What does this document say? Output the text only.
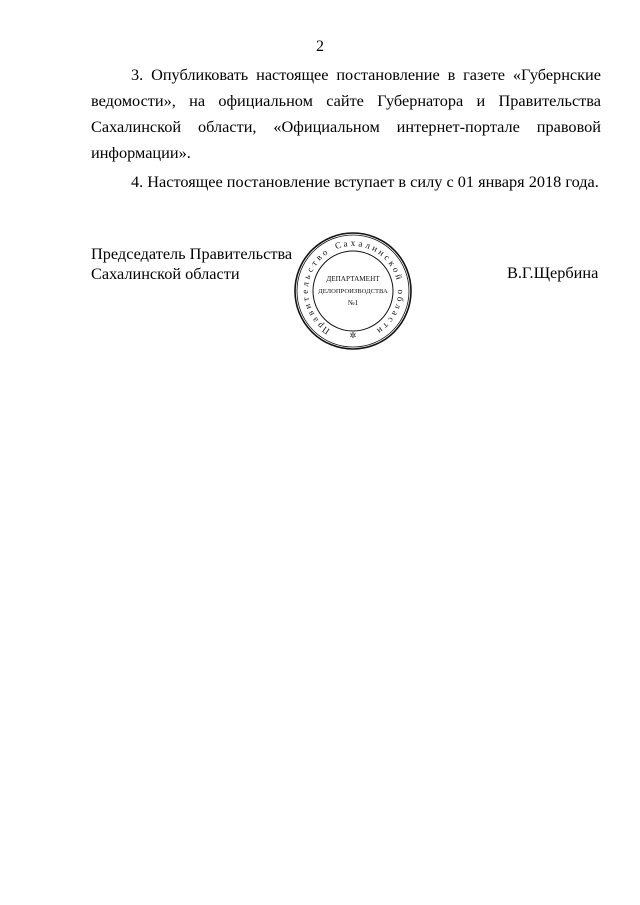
2

3. Опубликовать настоящее постановление в газете «Губернские ведомости», на официальном сайте Губернатора и Правительства Сахалинской области, «Официальном интернет-портале правовой информации».

4. Настоящее постановление вступает в силу с 01 января 2018 года.

Председатель Правительства
Сахалинской области	В.Г.Щербина
П
р
а
в
и
т
е
л
ь
с
т
в
о
С а х а л
и
н
с
к
о
й
о
б
л
а
с
т
и
✲
ДЕПАРТАМЕНТ
ДЕЛОПРОИЗВОДСТВА
№1
